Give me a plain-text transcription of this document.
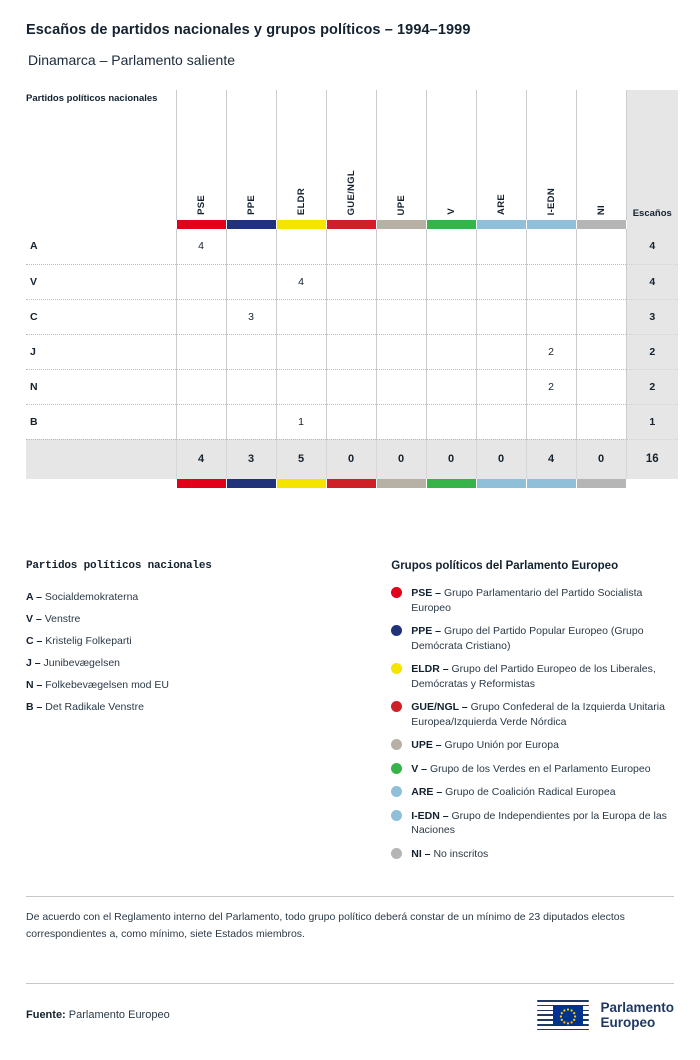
Escaños de partidos nacionales y grupos políticos – 1994–1999
Dinamarca – Parlamento saliente
Partidos políticos nacionales	PSE	PPE	ELDR	GUE/NGL	UPE	V	ARE	I-EDN	NI	Escaños

A	4									4
V			4							4
C		3								3
J								2		2
N								2		2
B			1							1
	4	3	5	0	0	0	0	4	0	16

Partidos políticos nacionales
A – Socialdemokraterna
V – Venstre
C – Kristelig Folkeparti
J – Junibevægelsen
N – Folkebevægelsen mod EU
B – Det Radikale Venstre
Grupos políticos del Parlamento Europeo
PSE – Grupo Parlamentario del Partido Socialista Europeo
PPE – Grupo del Partido Popular Europeo (Grupo Demócrata Cristiano)
ELDR – Grupo del Partido Europeo de los Liberales, Demócratas y Reformistas
GUE/NGL – Grupo Confederal de la Izquierda Unitaria Europea/Izquierda Verde Nórdica
UPE – Grupo Unión por Europa
V – Grupo de los Verdes en el Parlamento Europeo
ARE – Grupo de Coalición Radical Europea
I-EDN – Grupo de Independientes por la Europa de las Naciones
NI – No inscritos
De acuerdo con el Reglamento interno del Parlamento, todo grupo político deberá constar de un mínimo de 23 diputados electos correspondientes a, como mínimo, siete Estados miembros.
Fuente: Parlamento Europeo	Parlamento
Europeo
